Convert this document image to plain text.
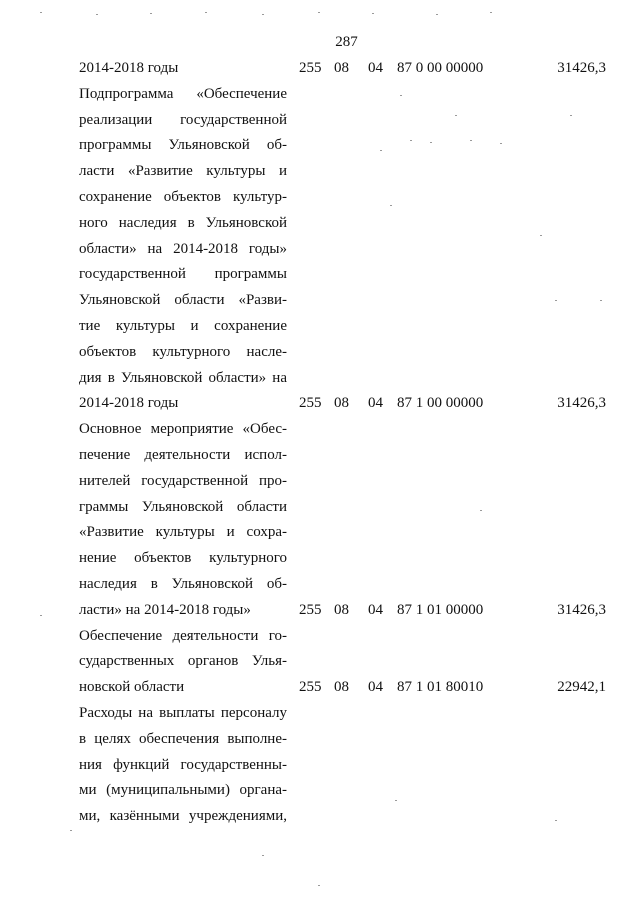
287
2014-2018 годы	255 08 04 87 0 00 00000	31426,3
Подпрограмма «Обеспечение
реализации государственной
программы Ульяновской об-
ласти «Развитие культуры и
сохранение объектов культур-
ного наследия в Ульяновской
области» на 2014-2018 годы»
государственной программы
Ульяновской области «Разви-
тие культуры и сохранение
объектов культурного насле-
дия в Ульяновской области» на
2014-2018 годы	255 08 04 87 1 00 00000	31426,3
Основное мероприятие «Обес-
печение деятельности испол-
нителей государственной про-
граммы Ульяновской области
«Развитие культуры и сохра-
нение объектов культурного
наследия в Ульяновской об-
ласти» на 2014-2018 годы»	255 08 04 87 1 01 00000	31426,3
Обеспечение деятельности го-
сударственных органов Улья-
новской области	255 08 04 87 1 01 80010	22942,1
Расходы на выплаты персоналу
в целях обеспечения выполне-
ния функций государственны-
ми (муниципальными) органа-
ми, казёнными учреждениями,
